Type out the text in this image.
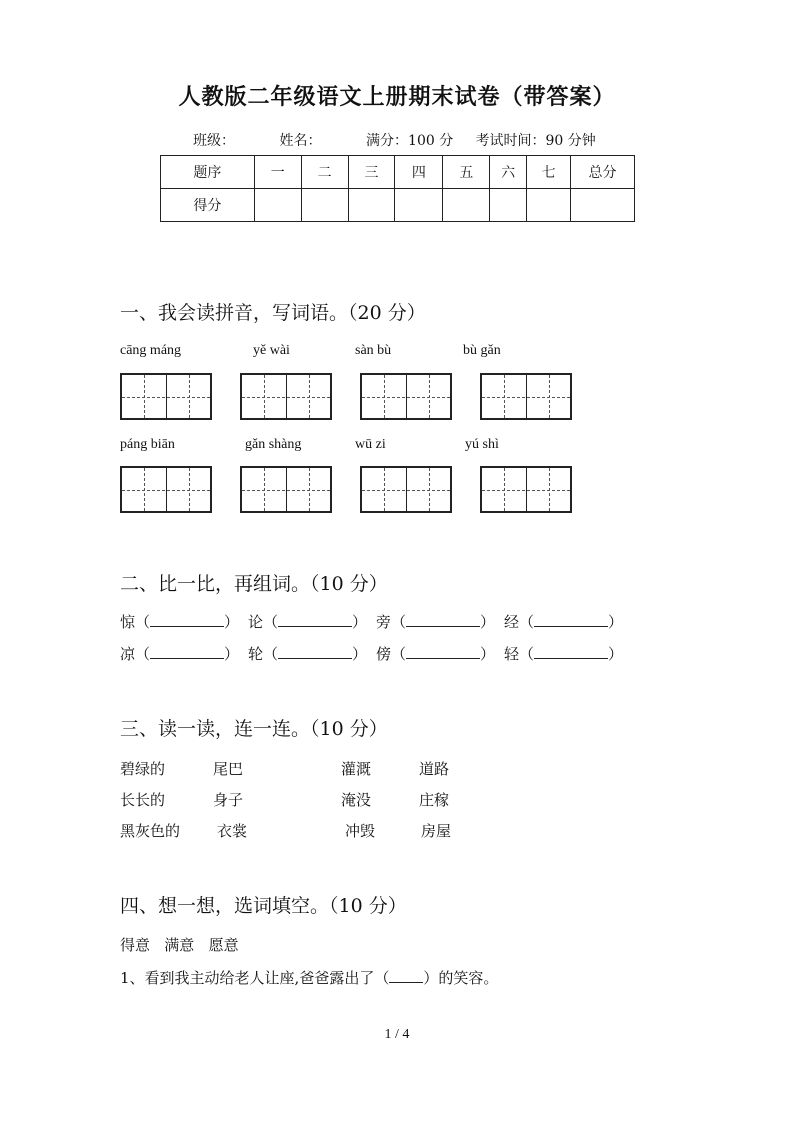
人教版二年级语文上册期末试卷（带答案）
班级：	姓名：	满分：100 分 考试时间：90 分钟
题序	一	二	三	四	五	六	七	总分
得分								
一、我会读拼音，写词语。（20 分）
cāng máng	yě wài	sàn bù	bù gǎn
páng biān	gǎn shàng	wū zi	yú shì
二、比一比，再组词。（10 分）
惊（	） 论（	） 旁（	） 经（	）
凉（	） 轮（	） 傍（	） 轻（	）
三、读一读，连一连。（10 分）
碧绿的	尾巴	灌溉	道路
长长的	身子	淹没	庄稼
黑灰色的 衣裳	冲毁	房屋
四、想一想，选词填空。（10 分）
得意   满意   愿意
1、看到我主动给老人让座,爸爸露出了（ ）的笑容。
1 / 4
